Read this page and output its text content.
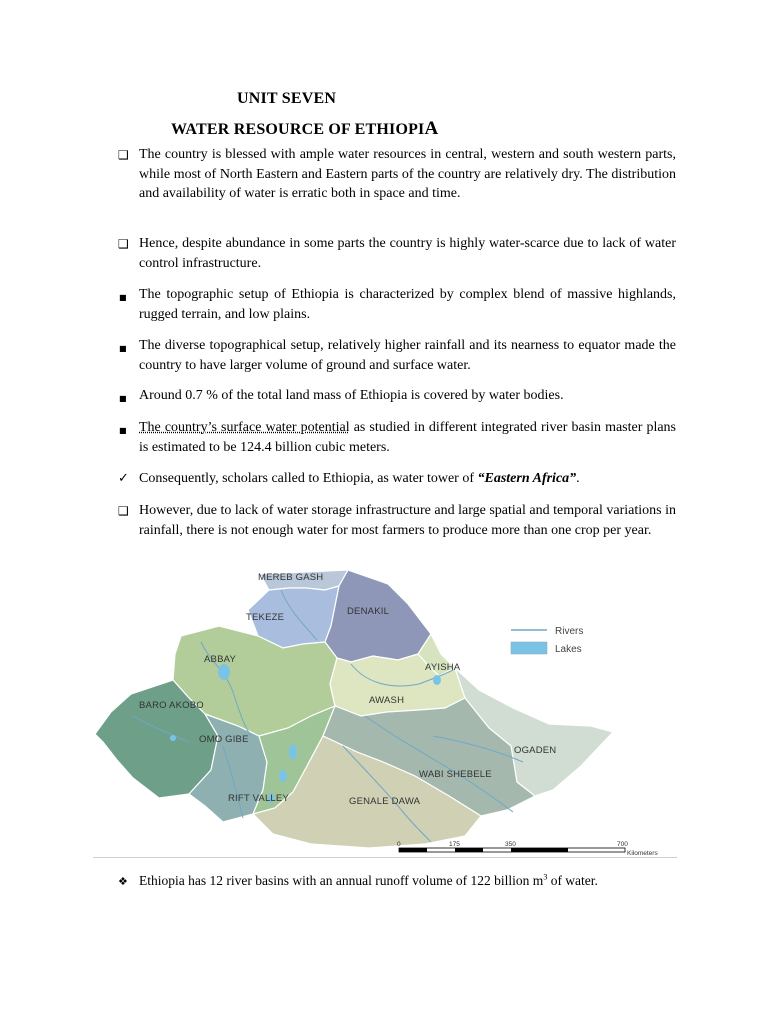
UNIT SEVEN
WATER RESOURCE OF ETHIOPIA
❑ The country is blessed with ample water resources in central, western and south western parts, while most of North Eastern and Eastern parts of the country are relatively dry. The distribution and availability of water is erratic both in space and time.
❑ Hence, despite abundance in some parts the country is highly water-scarce due to lack of water control infrastructure.
■ The topographic setup of Ethiopia is characterized by complex blend of massive highlands, rugged terrain, and low plains.
■ The diverse topographical setup, relatively higher rainfall and its nearness to equator made the country to have larger volume of ground and surface water.
■ Around 0.7 % of the total land mass of Ethiopia is covered by water bodies.
■ The country’s surface water potential as studied in different integrated river basin master plans is estimated to be 124.4 billion cubic meters.
✓ Consequently, scholars called to Ethiopia, as water tower of “Eastern Africa”.
❑ However, due to lack of water storage infrastructure and large spatial and temporal variations in rainfall, there is not enough water for most farmers to produce more than one crop per year.
MEREB GASH
TEKEZE
DENAKIL
ABBAY
AYISHA
AWASH
BARO AKOBO
OMO GIBE
OGADEN
WABI SHEBELE
RIFT VALLEY	GENALE DAWA
Rivers
Lakes
0	175	350	700
Kilometers
❖ Ethiopia has 12 river basins with an annual runoff volume of 122 billion $m^3$ of water.
